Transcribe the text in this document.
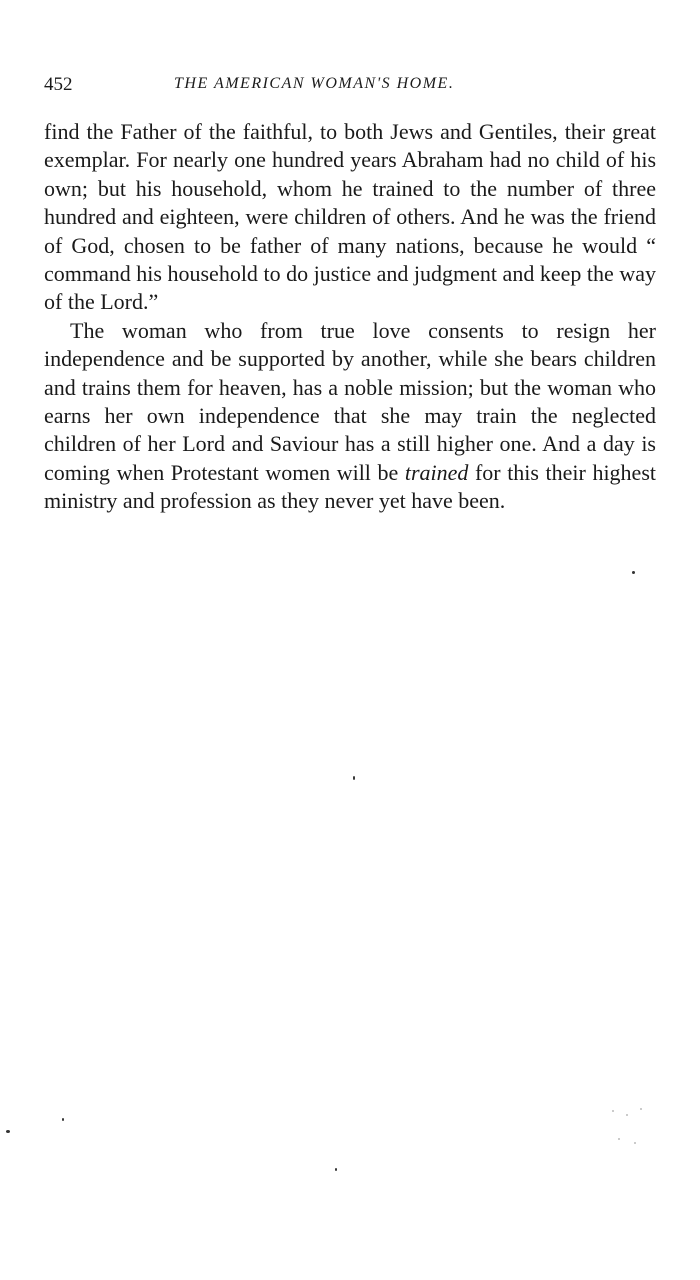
452	THE AMERICAN WOMAN'S HOME.

find the Father of the faithful, to both Jews and Gentiles, their great exemplar. For nearly one hundred years Abraham had no child of his own; but his household, whom he trained to the number of three hundred and eighteen, were children of others. And he was the friend of God, chosen to be father of many nations, because he would “ command his household to do justice and judgment and keep the way of the Lord.”

The woman who from true love consents to resign her independence and be supported by another, while she bears children and trains them for heaven, has a noble mission; but the woman who earns her own independence that she may train the neglected children of her Lord and Saviour has a still higher one. And a day is coming when Protestant women will be trained for this their highest ministry and profession as they never yet have been.
